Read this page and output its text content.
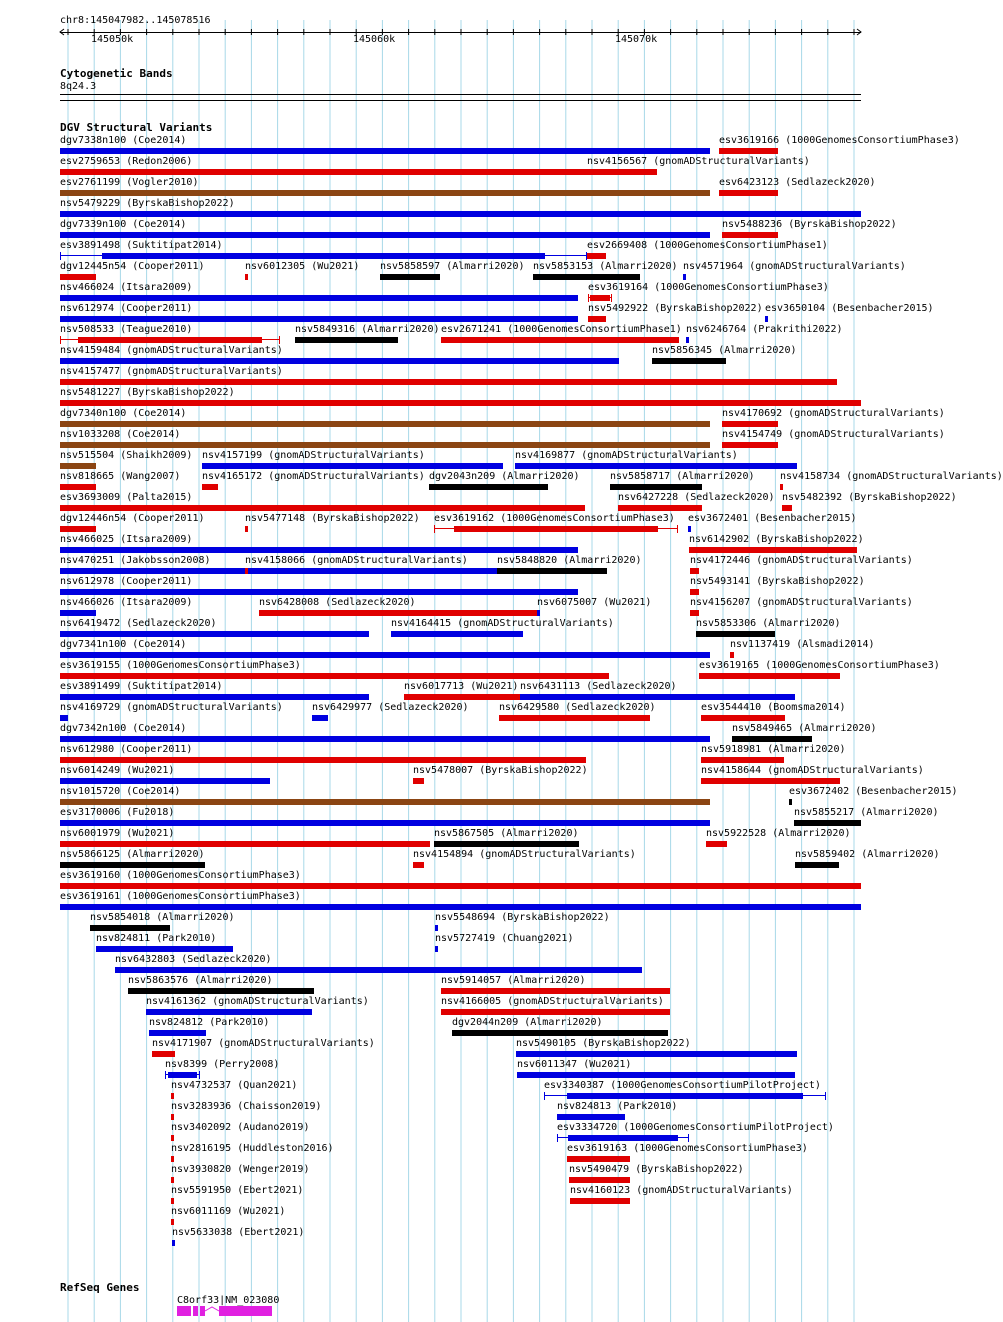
chr8:145047982..145078516
145050k	145060k	145070k
Cytogenetic Bands
8q24.3
DGV Structural Variants
dgv7338n100 (Coe2014)	esv3619166 (1000GenomesConsortiumPhase3)
esv2759653 (Redon2006)	nsv4156567 (gnomADStructuralVariants)
esv2761199 (Vogler2010)	esv6423123 (Sedlazeck2020)
nsv5479229 (ByrskaBishop2022)
dgv7339n100 (Coe2014)	nsv5488236 (ByrskaBishop2022)
esv3891498 (Suktitipat2014)	esv2669408 (1000GenomesConsortiumPhase1)
dgv12445n54 (Cooper2011)	nsv6012305 (Wu2021) nsv5858597 (Almarri2020) nsv5853153 (Almarri2020) nsv4571964 (gnomADStructuralVariants)
nsv466024 (Itsara2009)	esv3619164 (1000GenomesConsortiumPhase3)
nsv612974 (Cooper2011)	nsv5492922 (ByrskaBishop2022) esv3650104 (Besenbacher2015)
nsv508533 (Teague2010)	nsv5849316 (Almarri2020) esv2671241 (1000GenomesConsortiumPhase1) nsv6246764 (Prakrithi2022)
nsv4159484 (gnomADStructuralVariants)	nsv5856345 (Almarri2020)
nsv4157477 (gnomADStructuralVariants)
nsv5481227 (ByrskaBishop2022)
dgv7340n100 (Coe2014)	nsv4170692 (gnomADStructuralVariants)
nsv1033208 (Coe2014)	nsv4154749 (gnomADStructuralVariants)
nsv515504 (Shaikh2009) nsv4157199 (gnomADStructuralVariants)	nsv4169877 (gnomADStructuralVariants)
nsv818665 (Wang2007) nsv4165172 (gnomADStructuralVariants) dgv2043n209 (Almarri2020)	nsv5858717 (Almarri2020)	nsv4158734 (gnomADStructuralVariants)
esv3693009 (Palta2015)	nsv6427228 (Sedlazeck2020) nsv5482392 (ByrskaBishop2022)
dgv12446n54 (Cooper2011)	nsv5477148 (ByrskaBishop2022) esv3619162 (1000GenomesConsortiumPhase3) esv3672401 (Besenbacher2015)
nsv466025 (Itsara2009)	nsv6142902 (ByrskaBishop2022)
nsv470251 (Jakobsson2008)	nsv4158066 (gnomADStructuralVariants)	nsv5848820 (Almarri2020)	nsv4172446 (gnomADStructuralVariants)
nsv612978 (Cooper2011)	nsv5493141 (ByrskaBishop2022)
nsv466026 (Itsara2009)	nsv6428008 (Sedlazeck2020)	nsv6075007 (Wu2021)	nsv4156207 (gnomADStructuralVariants)
nsv6419472 (Sedlazeck2020)	nsv4164415 (gnomADStructuralVariants)	nsv5853306 (Almarri2020)
dgv7341n100 (Coe2014)	nsv1137419 (Alsmadi2014)
esv3619155 (1000GenomesConsortiumPhase3)	esv3619165 (1000GenomesConsortiumPhase3)
esv3891499 (Suktitipat2014)	nsv6017713 (Wu2021) nsv6431113 (Sedlazeck2020)
nsv4169729 (gnomADStructuralVariants)	nsv6429977 (Sedlazeck2020)	nsv6429580 (Sedlazeck2020)	esv3544410 (Boomsma2014)
dgv7342n100 (Coe2014)	nsv5849465 (Almarri2020)
nsv612980 (Cooper2011)	nsv5918981 (Almarri2020)
nsv6014249 (Wu2021)	nsv5478007 (ByrskaBishop2022)	nsv4158644 (gnomADStructuralVariants)
nsv1015720 (Coe2014)	esv3672402 (Besenbacher2015)
esv3170006 (Fu2018)	nsv5855217 (Almarri2020)
nsv6001979 (Wu2021)	nsv5867505 (Almarri2020)	nsv5922528 (Almarri2020)
nsv5866125 (Almarri2020)	nsv4154894 (gnomADStructuralVariants)	nsv5859402 (Almarri2020)
esv3619160 (1000GenomesConsortiumPhase3)
esv3619161 (1000GenomesConsortiumPhase3)
nsv5854018 (Almarri2020)	nsv5548694 (ByrskaBishop2022)
nsv824811 (Park2010)	nsv5727419 (Chuang2021)
nsv6432803 (Sedlazeck2020)
nsv5863576 (Almarri2020)	nsv5914057 (Almarri2020)
nsv4161362 (gnomADStructuralVariants)	nsv4166005 (gnomADStructuralVariants)
nsv824812 (Park2010)	dgv2044n209 (Almarri2020)
nsv4171907 (gnomADStructuralVariants)	nsv5490105 (ByrskaBishop2022)
nsv8399 (Perry2008)	nsv6011347 (Wu2021)
nsv4732537 (Quan2021)	esv3340387 (1000GenomesConsortiumPilotProject)
nsv3283936 (Chaisson2019)	nsv824813 (Park2010)
nsv3402092 (Audano2019)	esv3334720 (1000GenomesConsortiumPilotProject)
nsv2816195 (Huddleston2016)	esv3619163 (1000GenomesConsortiumPhase3)
nsv3930820 (Wenger2019)	nsv5490479 (ByrskaBishop2022)
nsv5591950 (Ebert2021)	nsv4160123 (gnomADStructuralVariants)
nsv6011169 (Wu2021)
nsv5633038 (Ebert2021)
RefSeq Genes
C8orf33|NM_023080
